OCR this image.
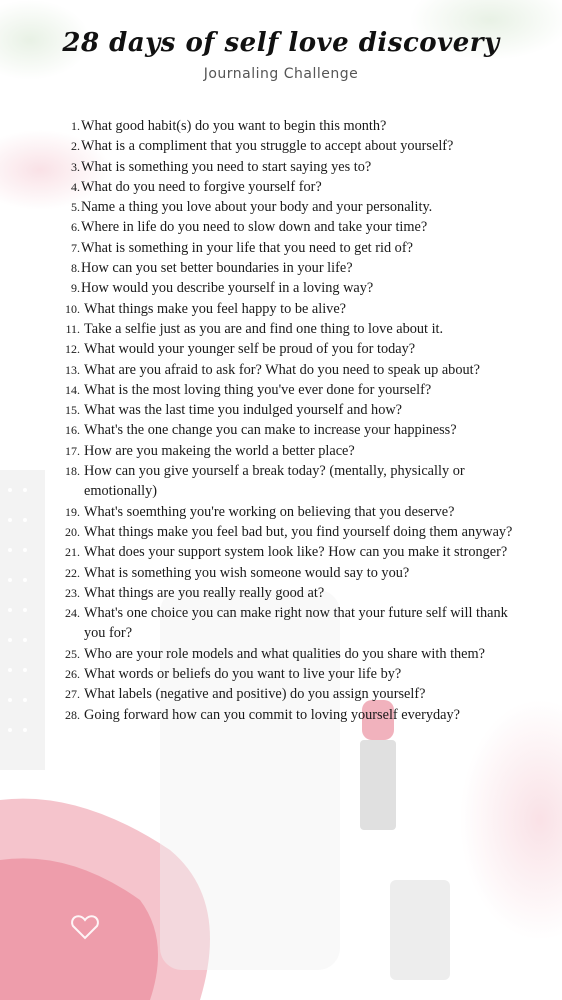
28 days of self love discovery
Journaling Challenge
1. What good habit(s) do you want to begin this month?
2. What is a compliment that you struggle to accept about yourself?
3. What is something you need to start saying yes to?
4. What do you need to forgive yourself for?
5. Name a thing you love about your body and your personality.
6. Where in life do you need to slow down and take your time?
7. What is something in your life that you need to get rid of?
8. How can you set better boundaries in your life?
9. How would you describe yourself in a loving way?
10. What things make you feel happy to be alive?
11. Take a selfie just as you are and find one thing to love about it.
12. What would your younger self be proud of you for today?
13. What are you afraid to ask for? What do you need to speak up about?
14. What is the most loving thing you've ever done for yourself?
15. What was the last time you indulged yourself and how?
16. What's the one change you can make to increase your happiness?
17. How are you makeing the world a better place?
18. How can you give yourself a break today? (mentally, physically or emotionally)
19. What's soemthing you're working on believing that you deserve?
20. What things make you feel bad but, you find yourself doing them anyway?
21. What does your support system look like? How can you make it stronger?
22. What is something you wish someone would say to you?
23. What things are you really really good at?
24. What's one choice you can make right now that your future self will thank you for?
25. Who are your role models and what qualities do you share with them?
26. What words or beliefs do you want to live your life by?
27. What labels (negative and positive) do you assign yourself?
28. Going forward how can you commit to loving yourself everyday?
